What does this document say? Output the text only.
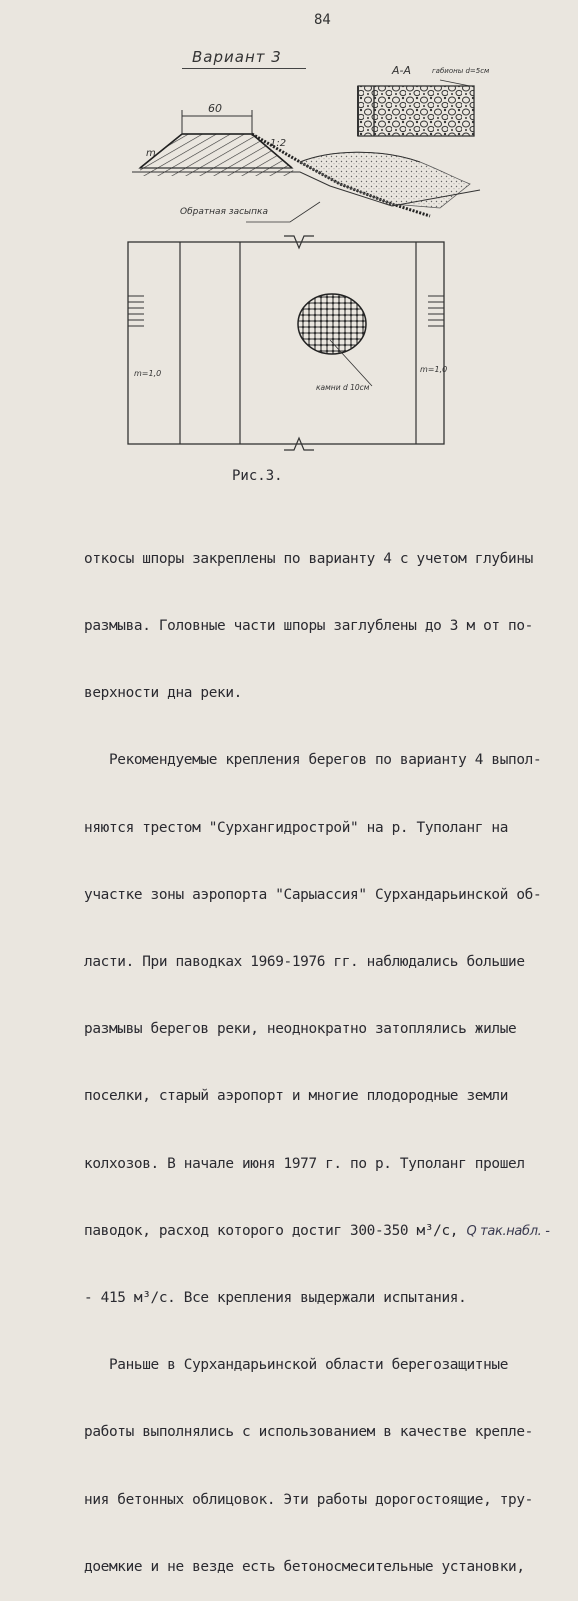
84
Вариант 3
60
m
1:2
Обратная засыпка
А-А	габионы d=5см
m=1,0	m=1,0
камни d 10см
Рис.3.

откосы шпоры закреплены по варианту 4 с учетом глубины

размыва. Головные части шпоры заглублены до 3 м от по-

верхности дна реки.

Рекомендуемые крепления берегов по варианту 4 выпол-

няются трестом "Сурхангидрострой" на р. Туполанг на

участке зоны аэропорта "Сарыассия" Сурхандарьинской об-

ласти. При паводках 1969-1976 гг. наблюдались большие

размывы берегов реки, неоднократно затоплялись жилые

поселки, старый аэропорт и многие плодородные земли

колхозов. В начале июня 1977 г. по р. Туполанг прошел

паводок, расход которого достиг 300-350 м³/с, Q так.набл. -

- 415 м³/с. Все крепления выдержали испытания.

Раньше в Сурхандарьинской области берегозащитные

работы выполнялись с использованием в качестве крепле-

ния бетонных облицовок. Эти работы дорогостоящие, тру-

доемкие и не везде есть бетоносмесительные установки,
